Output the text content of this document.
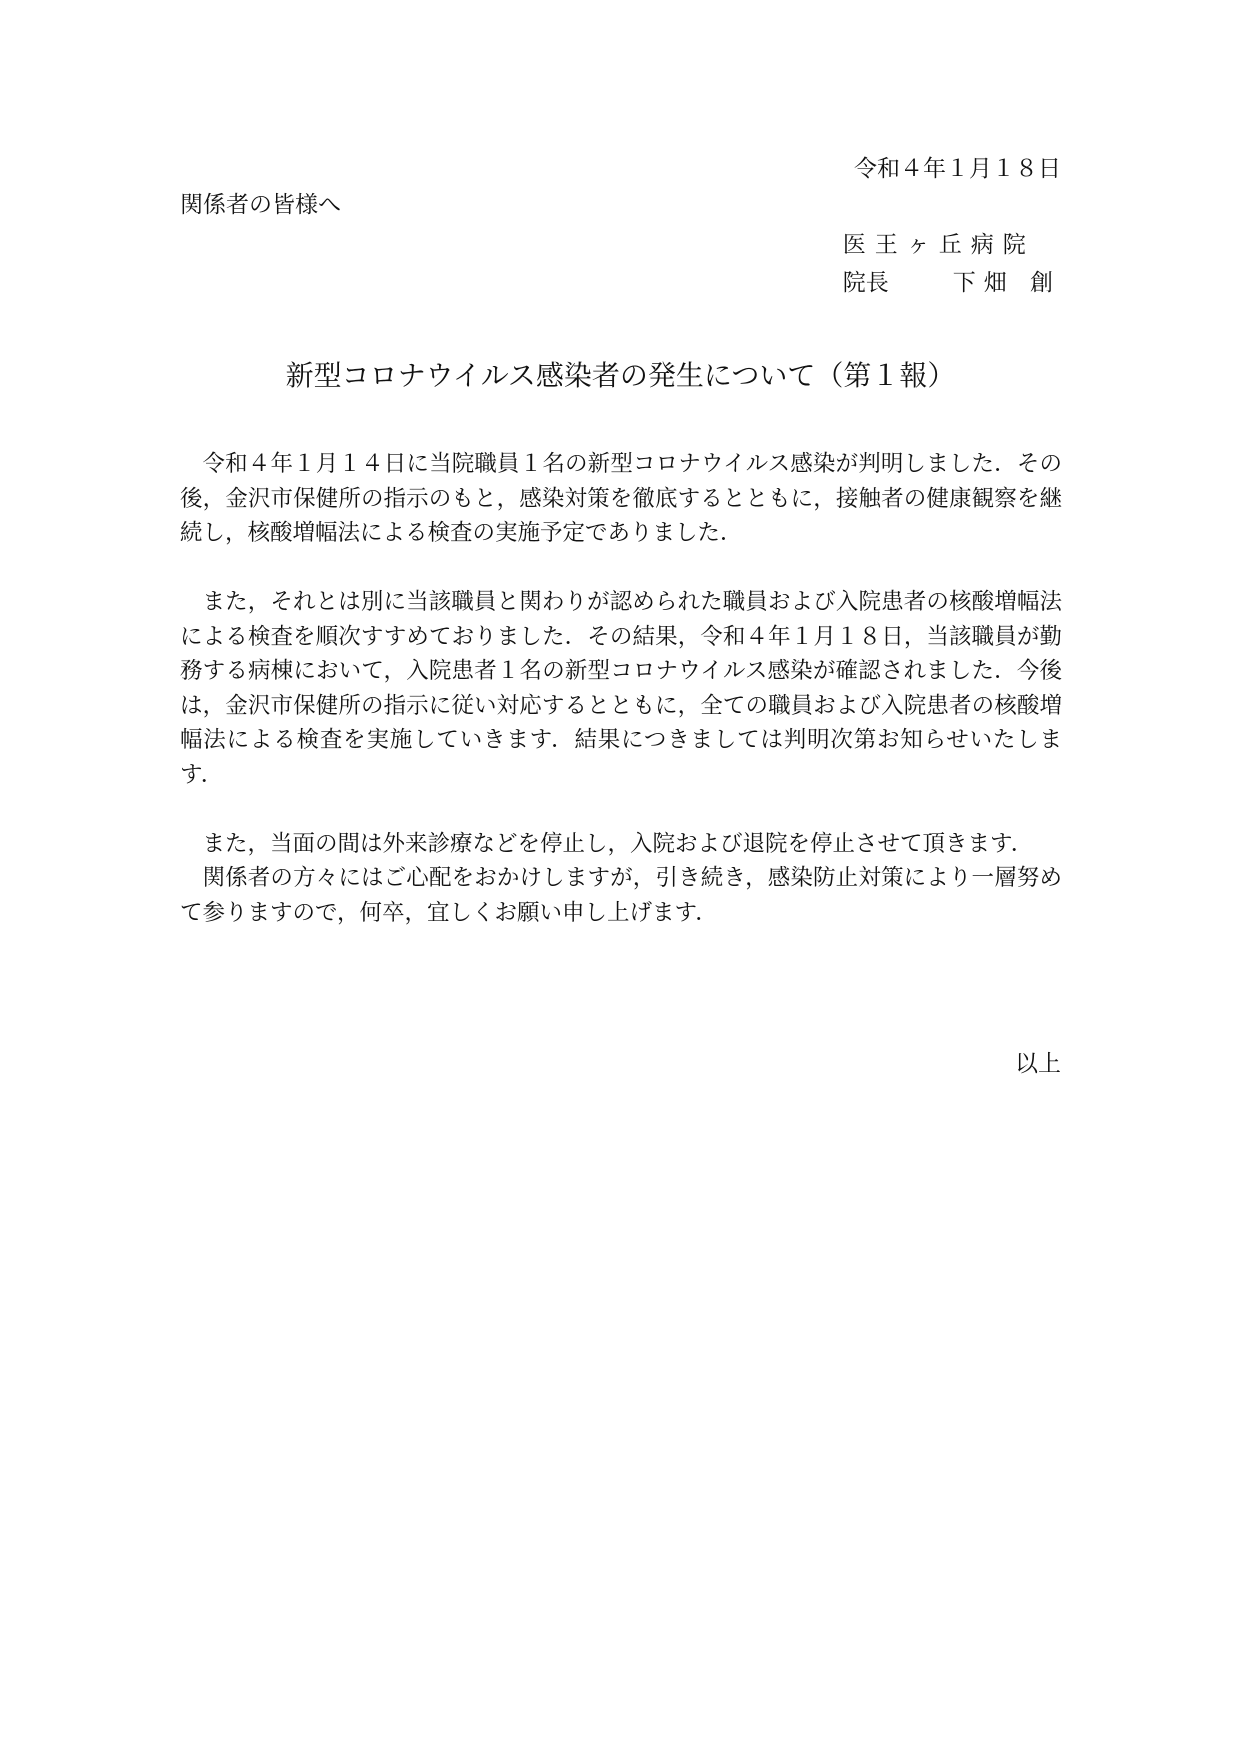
令和４年１月１８日
関係者の皆様へ
医王ヶ丘病院
院長	下畑 創
新型コロナウイルス感染者の発生について（第１報）

令和４年１月１４日に当院職員１名の新型コロナウイルス感染が判明しました．その後，金沢市保健所の指示のもと，感染対策を徹底するとともに，接触者の健康観察を継続し，核酸増幅法による検査の実施予定でありました．

また，それとは別に当該職員と関わりが認められた職員および入院患者の核酸増幅法による検査を順次すすめておりました．その結果，令和４年１月１８日，当該職員が勤務する病棟において，入院患者１名の新型コロナウイルス感染が確認されました．今後は，金沢市保健所の指示に従い対応するとともに，全ての職員および入院患者の核酸増幅法による検査を実施していきます．結果につきましては判明次第お知らせいたします．

また，当面の間は外来診療などを停止し，入院および退院を停止させて頂きます．

関係者の方々にはご心配をおかけしますが，引き続き，感染防止対策により一層努めて参りますので，何卒，宜しくお願い申し上げます．

以上
